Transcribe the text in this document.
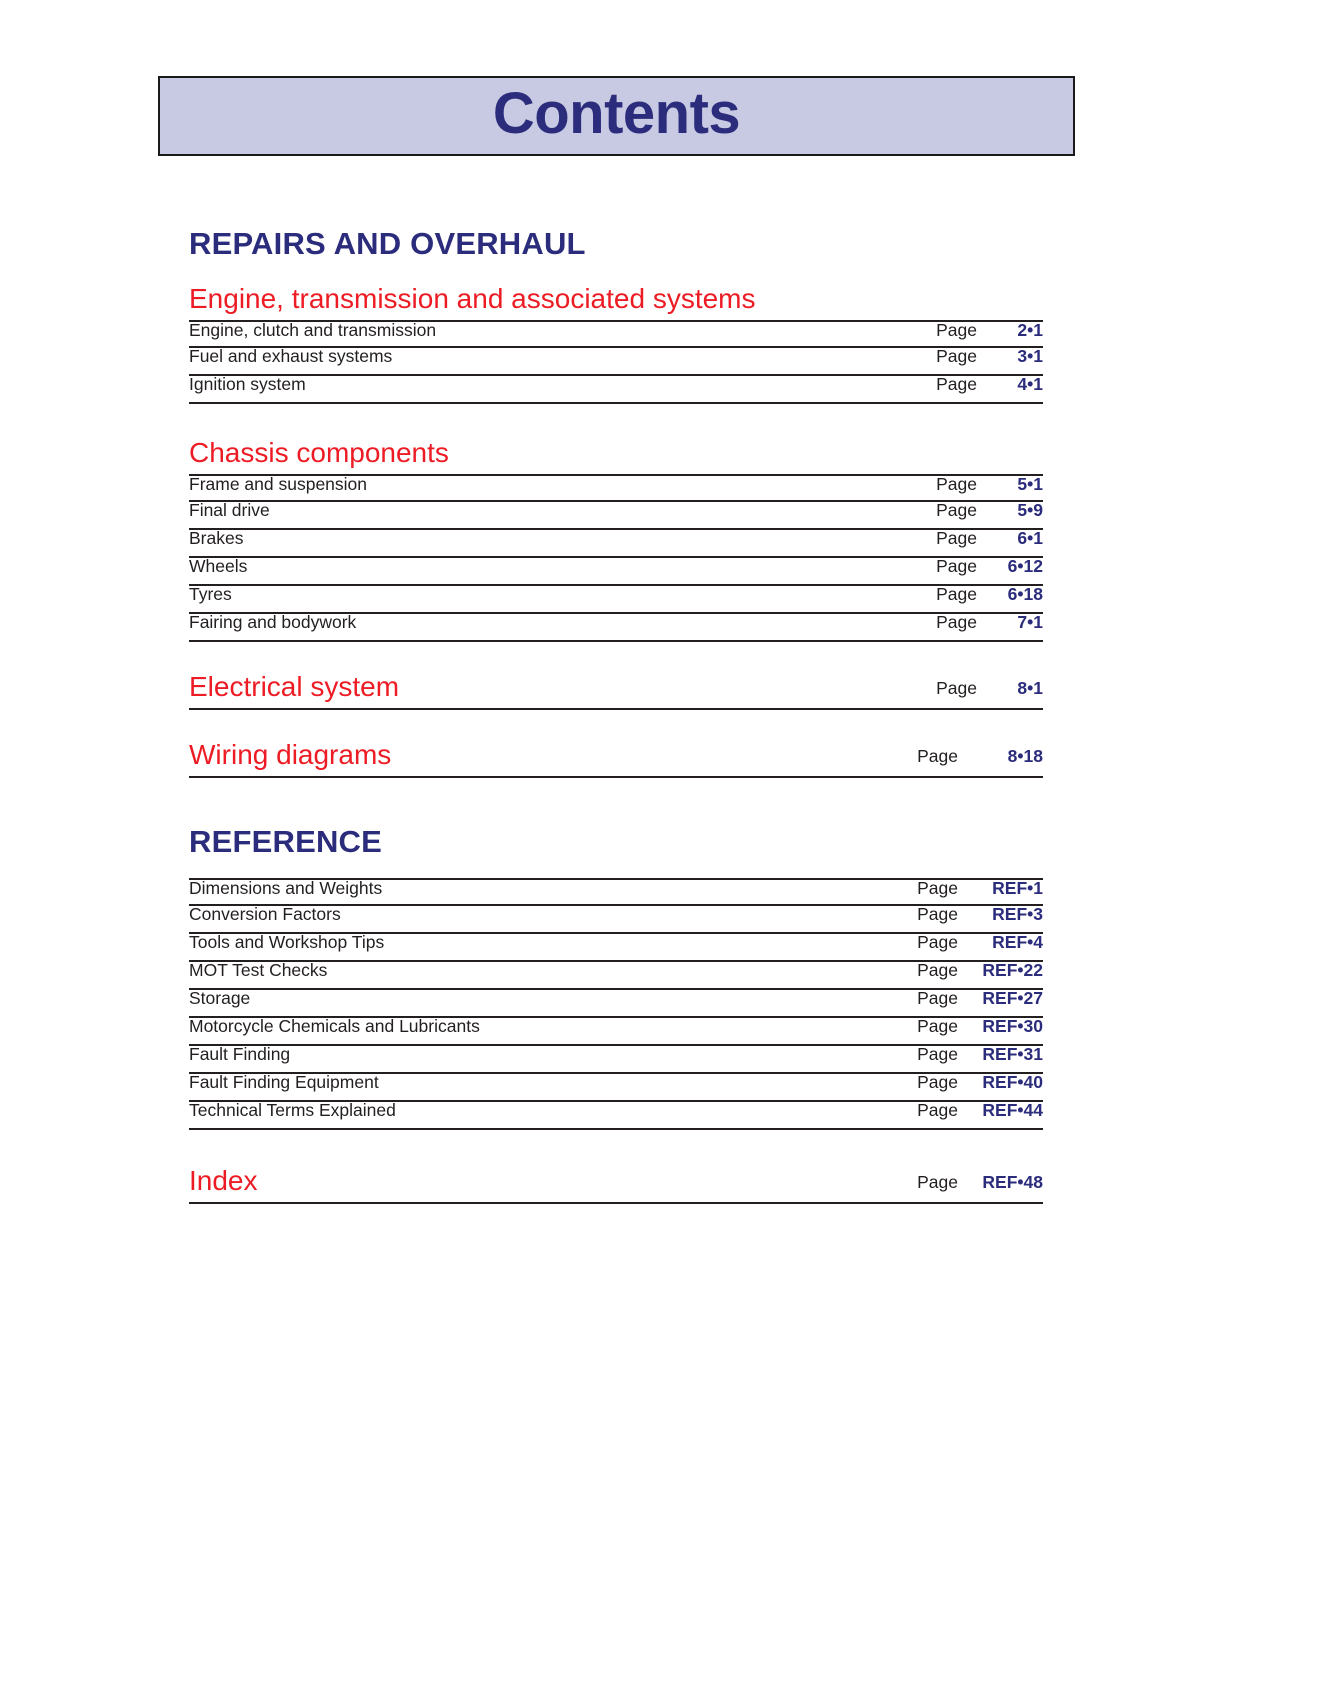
Contents
REPAIRS AND OVERHAUL
Engine, transmission and associated systems
Engine, clutch and transmission	Page	2•1
Fuel and exhaust systems	Page	3•1
Ignition system	Page	4•1
Chassis components
Frame and suspension	Page	5•1
Final drive	Page	5•9
Brakes	Page	6•1
Wheels	Page	6•12
Tyres	Page	6•18
Fairing and bodywork	Page	7•1
Electrical system	Page	8•1
Wiring diagrams	Page	8•18
REFERENCE
Dimensions and Weights	Page	REF•1
Conversion Factors	Page	REF•3
Tools and Workshop Tips	Page	REF•4
MOT Test Checks	Page	REF•22
Storage	Page	REF•27
Motorcycle Chemicals and Lubricants	Page	REF•30
Fault Finding	Page	REF•31
Fault Finding Equipment	Page	REF•40
Technical Terms Explained	Page	REF•44
Index	Page	REF•48
